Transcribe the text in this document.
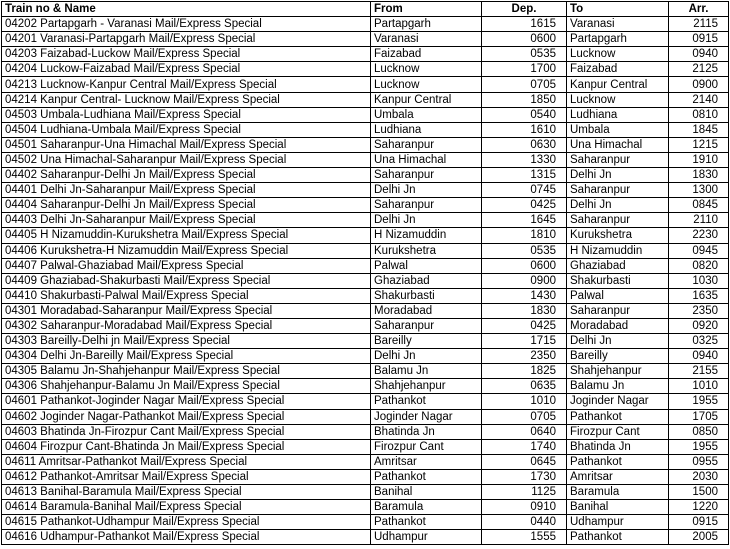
Train no & Name	From	Dep.	To	Arr.
04202 Partapgarh - Varanasi Mail/Express Special	Partapgarh	1615	Varanasi	2115
04201 Varanasi-Partapgarh Mail/Express Special	Varanasi	0600	Partapgarh	0915
04203 Faizabad-Luckow Mail/Express Special	Faizabad	0535	Lucknow	0940
04204 Luckow-Faizabad Mail/Express Special	Lucknow	1700	Faizabad	2125
04213 Lucknow-Kanpur Central Mail/Express Special	Lucknow	0705	Kanpur Central	0900
04214 Kanpur Central- Lucknow Mail/Express Special	Kanpur Central	1850	Lucknow	2140
04503 Umbala-Ludhiana Mail/Express Special	Umbala	0540	Ludhiana	0810
04504 Ludhiana-Umbala Mail/Express Special	Ludhiana	1610	Umbala	1845
04501 Saharanpur-Una Himachal Mail/Express Special	Saharanpur	0630	Una Himachal	1215
04502 Una Himachal-Saharanpur Mail/Express Special	Una Himachal	1330	Saharanpur	1910
04402 Saharanpur-Delhi Jn Mail/Express Special	Saharanpur	1315	Delhi Jn	1830
04401 Delhi Jn-Saharanpur Mail/Express Special	Delhi Jn	0745	Saharanpur	1300
04404 Saharanpur-Delhi Jn Mail/Express Special	Saharanpur	0425	Delhi Jn	0845
04403 Delhi Jn-Saharanpur Mail/Express Special	Delhi Jn	1645	Saharanpur	2110
04405 H Nizamuddin-Kurukshetra Mail/Express Special	H Nizamuddin	1810	Kurukshetra	2230
04406 Kurukshetra-H Nizamuddin Mail/Express Special	Kurukshetra	0535	H Nizamuddin	0945
04407 Palwal-Ghaziabad Mail/Express Special	Palwal	0600	Ghaziabad	0820
04409 Ghaziabad-Shakurbasti Mail/Express Special	Ghaziabad	0900	Shakurbasti	1030
04410 Shakurbasti-Palwal Mail/Express Special	Shakurbasti	1430	Palwal	1635
04301 Moradabad-Saharanpur Mail/Express Special	Moradabad	1830	Saharanpur	2350
04302 Saharanpur-Moradabad Mail/Express Special	Saharanpur	0425	Moradabad	0920
04303 Bareilly-Delhi jn Mail/Express Special	Bareilly	1715	Delhi Jn	0325
04304 Delhi Jn-Bareilly Mail/Express Special	Delhi Jn	2350	Bareilly	0940
04305 Balamu Jn-Shahjehanpur Mail/Express Special	Balamu Jn	1825	Shahjehanpur	2155
04306 Shahjehanpur-Balamu Jn Mail/Express Special	Shahjehanpur	0635	Balamu Jn	1010
04601 Pathankot-Joginder Nagar Mail/Express Special	Pathankot	1010	Joginder Nagar	1955
04602 Joginder Nagar-Pathankot Mail/Express Special	Joginder Nagar	0705	Pathankot	1705
04603 Bhatinda Jn-Firozpur Cant Mail/Express Special	Bhatinda Jn	0640	Firozpur Cant	0850
04604 Firozpur Cant-Bhatinda Jn Mail/Express Special	Firozpur Cant	1740	Bhatinda Jn	1955
04611 Amritsar-Pathankot Mail/Express Special	Amritsar	0645	Pathankot	0955
04612 Pathankot-Amritsar Mail/Express Special	Pathankot	1730	Amritsar	2030
04613 Banihal-Baramula Mail/Express Special	Banihal	1125	Baramula	1500
04614 Baramula-Banihal Mail/Express Special	Baramula	0910	Banihal	1220
04615 Pathankot-Udhampur Mail/Express Special	Pathankot	0440	Udhampur	0915
04616 Udhampur-Pathankot Mail/Express Special	Udhampur	1555	Pathankot	2005
